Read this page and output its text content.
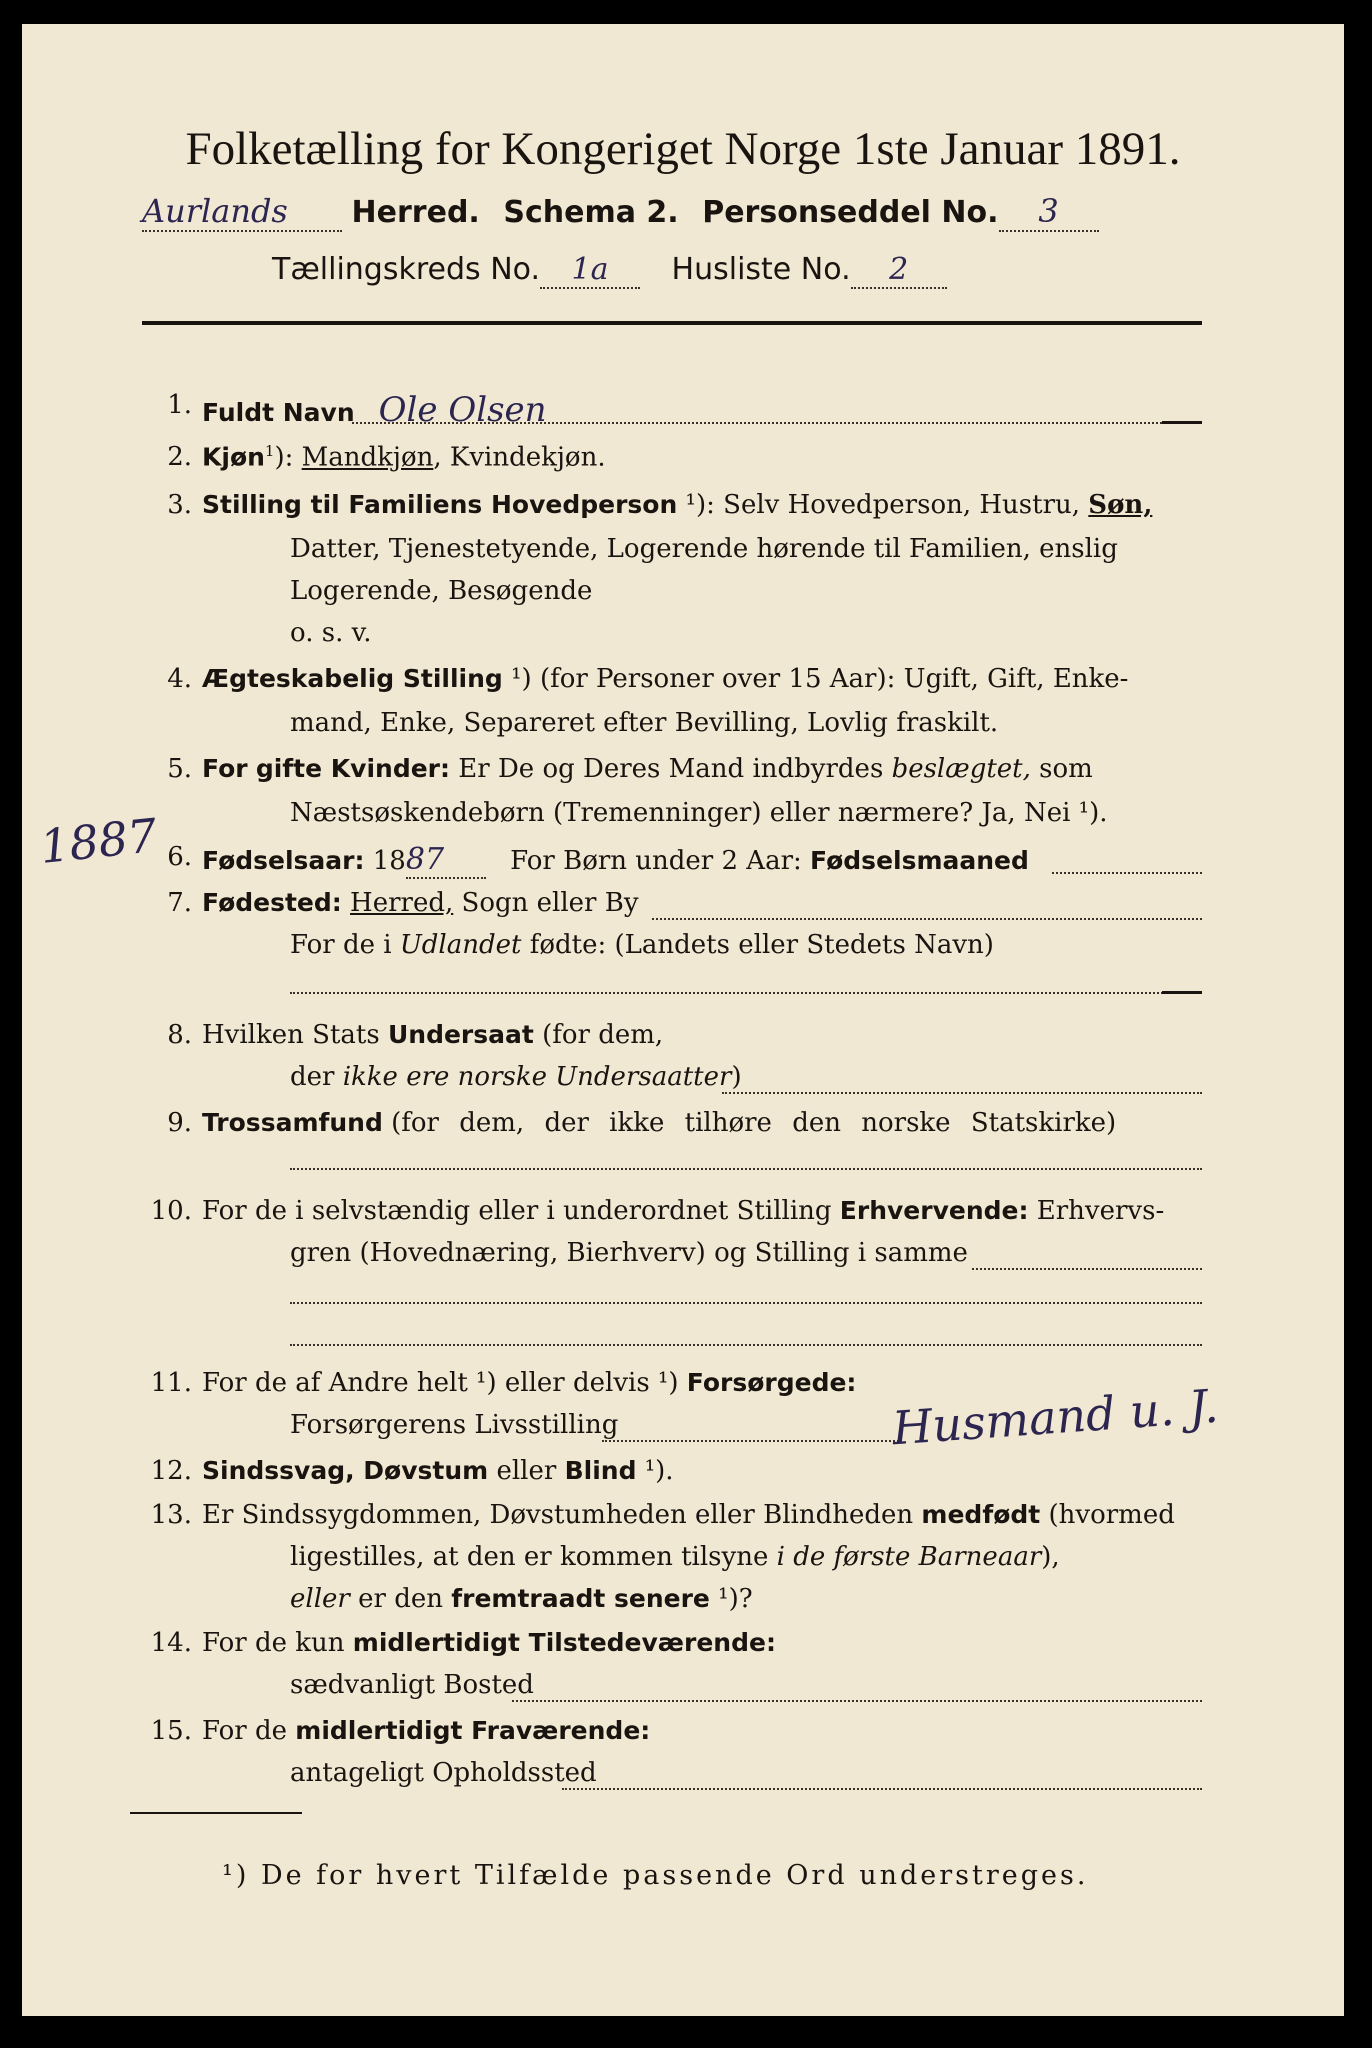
Folketælling for Kongeriget Norge 1ste Januar 1891.
Aurlands Herred. Schema 2. Personseddel No. 3
Tællingskreds No. 1a Husliste No. 2
1. Fuldt Navn Ole Olsen
2. Kjøn$^1$): Mandkjøn, Kvindekjøn.
3. Stilling til Familiens Hovedperson ¹): Selv Hovedperson, Hustru, Søn,
Datter, Tjenestetyende, Logerende hørende til Familien, enslig
Logerende, Besøgende
o. s. v.
4. Ægteskabelig Stilling ¹) (for Personer over 15 Aar): Ugift, Gift, Enke-
mand, Enke, Separeret efter Bevilling, Lovlig fraskilt.
5. For gifte Kvinder: Er De og Deres Mand indbyrdes beslægtet, som
Næstsøskendebørn (Tremenninger) eller nærmere? Ja, Nei ¹).
1887 6. Fødselsaar: 1887	For Børn under 2 Aar: Fødselsmaaned
7. Fødested: Herred, Sogn eller By
For de i Udlandet fødte: (Landets eller Stedets Navn)
8. Hvilken Stats Undersaat (for dem,
der ikke ere norske Undersaatter)
9. Trossamfund (for dem, der ikke tilhøre den norske Statskirke)
10. For de i selvstændig eller i underordnet Stilling Erhvervende: Erhvervs-
gren (Hovednæring, Bierhverv) og Stilling i samme
11. For de af Andre helt ¹) eller delvis ¹) Forsørgede:
Forsørgerens Livsstilling	Husmand u. J.
12. Sindssvag, Døvstum eller Blind ¹).
13. Er Sindssygdommen, Døvstumheden eller Blindheden medfødt (hvormed
ligestilles, at den er kommen tilsyne i de første Barneaar),
eller er den fremtraadt senere ¹)?
14. For de kun midlertidigt Tilstedeværende:
sædvanligt Bosted
15. For de midlertidigt Fraværende:
antageligt Opholdssted
¹) De for hvert Tilfælde passende Ord understreges.
